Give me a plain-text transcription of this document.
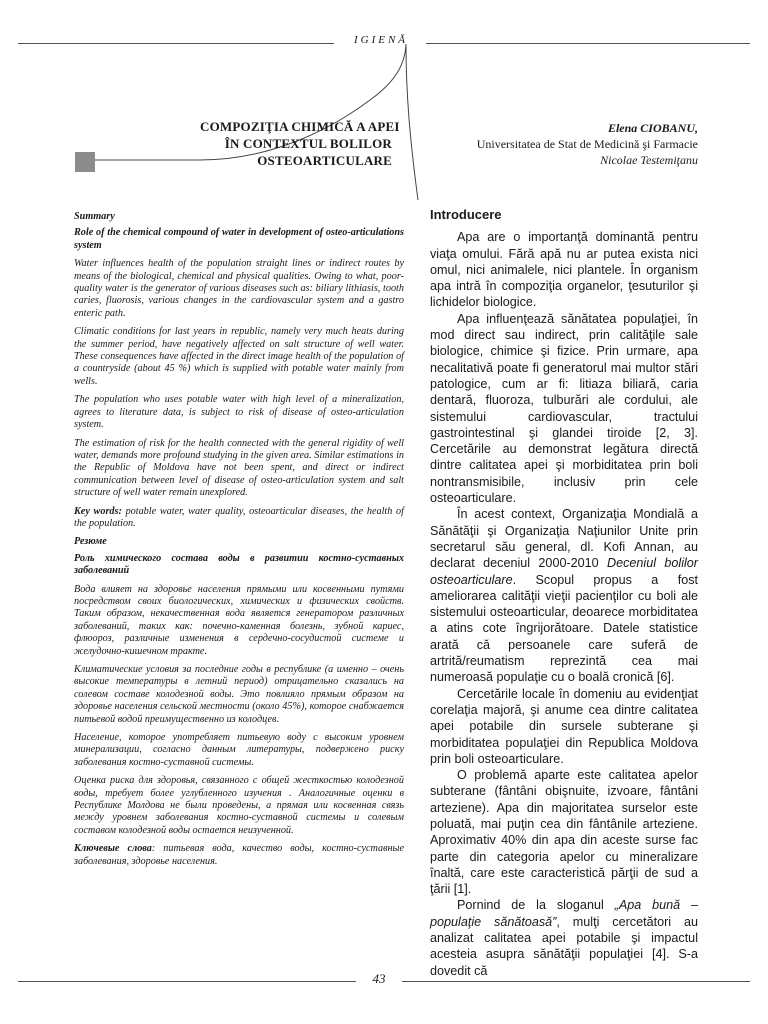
IGIENĂ
COMPOZIŢIA CHIMICĂ A APEI
ÎN CONTEXTUL BOLILOR
OSTEOARTICULARE
Elena CIOBANU,
Universitatea de Stat de Medicină şi Farmacie
Nicolae Testemiţanu
Summary

Role of the chemical compound of water in development of osteo-articulations system

Water influences health of the population straight lines or indirect routes by means of the biological, chemical and physical qualities. Owing to what, poor-quality water is the generator of various diseases such as: biliary lithiasis, tooth caries, fluorosis, various changes in the cardiovascular system and a gastro enteric path.

Climatic conditions for last years in republic, namely very much heats during the summer period, have negatively affected on salt structure of well water. These consequences have affected in the direct image health of the population of a countryside (about 45 %) which is supplied with potable water mainly from wells.

The population who uses potable water with high level of a mineralization, agrees to literature data, is subject to risk of disease of osteo-articulation system.

The estimation of risk for the health connected with the general rigidity of well water, demands more profound studying in the given area. Similar estimations in the Republic of Moldova have not been spent, and direct or indirect communication between level of disease of osteo-articulation system and salt structure of well water remain unexplored.

Key words: potable water, water quality, osteoarticular diseases, the health of the population.

Резюме

Роль химического состава воды в развитии костно-суставных заболеваний

Вода влияет на здоровье населения прямыми или косвенными путями посредством своих биологических, химических и физических свойств. Таким образом, некачественная вода является генератором различных заболеваний, таких как: почечно-каменная болезнь, зубной кариес, флюороз, различные изменения в сердечно-сосудистой системе и желудочно-кишечном тракте.

Климатические условия за последние годы в республике (а именно – очень высокие температуры в летний период) отрицательно сказались на солевом составе колодезной воды. Это повлияло прямым образом на здоровье населения сельской местности (около 45%), которое снабжается питьевой водой преимущественно из колодцев.

Население, которое употребляет питьевую воду с высоким уровнем минерализации, согласно данным литературы, подвержено риску заболевания костно-суставной системы.

Оценка риска для здоровья, связанного с общей жесткостью колодезной воды, требует более углубленного изучения . Аналогичные оценки в Республике Молдова не были проведены, а прямая или косвенная связь между уровнем заболевания костно-суставной системы и солевым составом колодезной воды остается неизученной.

Ключевые слова: питьевая вода, качество воды, костно-суставные заболевания, здоровье населения.

Introducere

Apa are o importanţă dominantă pentru viaţa omului. Fără apă nu ar putea exista nici omul, nici animalele, nici plantele. În organism apa intră în compoziţia organelor, ţesuturilor şi lichidelor biologice.

Apa influenţează sănătatea populaţiei, în mod direct sau indirect, prin calităţile sale biologice, chimice şi fizice. Prin urmare, apa necalitativă poate fi generatorul mai multor stări patologice, cum ar fi: litiaza biliară, caria dentară, fluoroza, tulburări ale cordului, ale sistemului cardiovascular, tractului gastrointestinal şi glandei tiroide [2, 3]. Cercetările au demonstrat legătura directă dintre calitatea apei şi morbiditatea prin boli nontransmisibile, inclusiv prin cele osteoarticulare.

În acest context, Organizaţia Mondială a Sănătăţii şi Organizaţia Naţiunilor Unite prin secretarul său general, dl. Kofi Annan, au declarat deceniul 2000-2010 Deceniul bolilor osteoarticulare. Scopul propus a fost ameliorarea calităţii vieţii pacienţilor cu boli ale sistemului osteoarticular, deoarece morbiditatea a atins cote îngrijorătoare. Datele statistice arată că persoanele care suferă de artrită/reumatism reprezintă cea mai numeroasă populaţie cu o boală cronică [6].

Cercetările locale în domeniu au evidenţiat corelaţia majoră, şi anume cea dintre calitatea apei potabile din sursele subterane şi morbiditatea populaţiei din Republica Moldova prin boli osteoarticulare.

O problemă aparte este calitatea apelor subterane (fântâni obişnuite, izvoare, fântâni arteziene). Apa din majoritatea surselor este poluată, mai puţin cea din fântânile arteziene. Aproximativ 40% din apa din aceste surse fac parte din categoria apelor cu mineralizare înaltă, care este caracteristică părţii de sud a ţării [1].

Pornind de la sloganul „Apa bună – populaţie sănătoasă”, mulţi cercetători au analizat calitatea apei potabile şi impactul acesteia asupra sănătăţii populaţiei [4]. S-a dovedit că

43
